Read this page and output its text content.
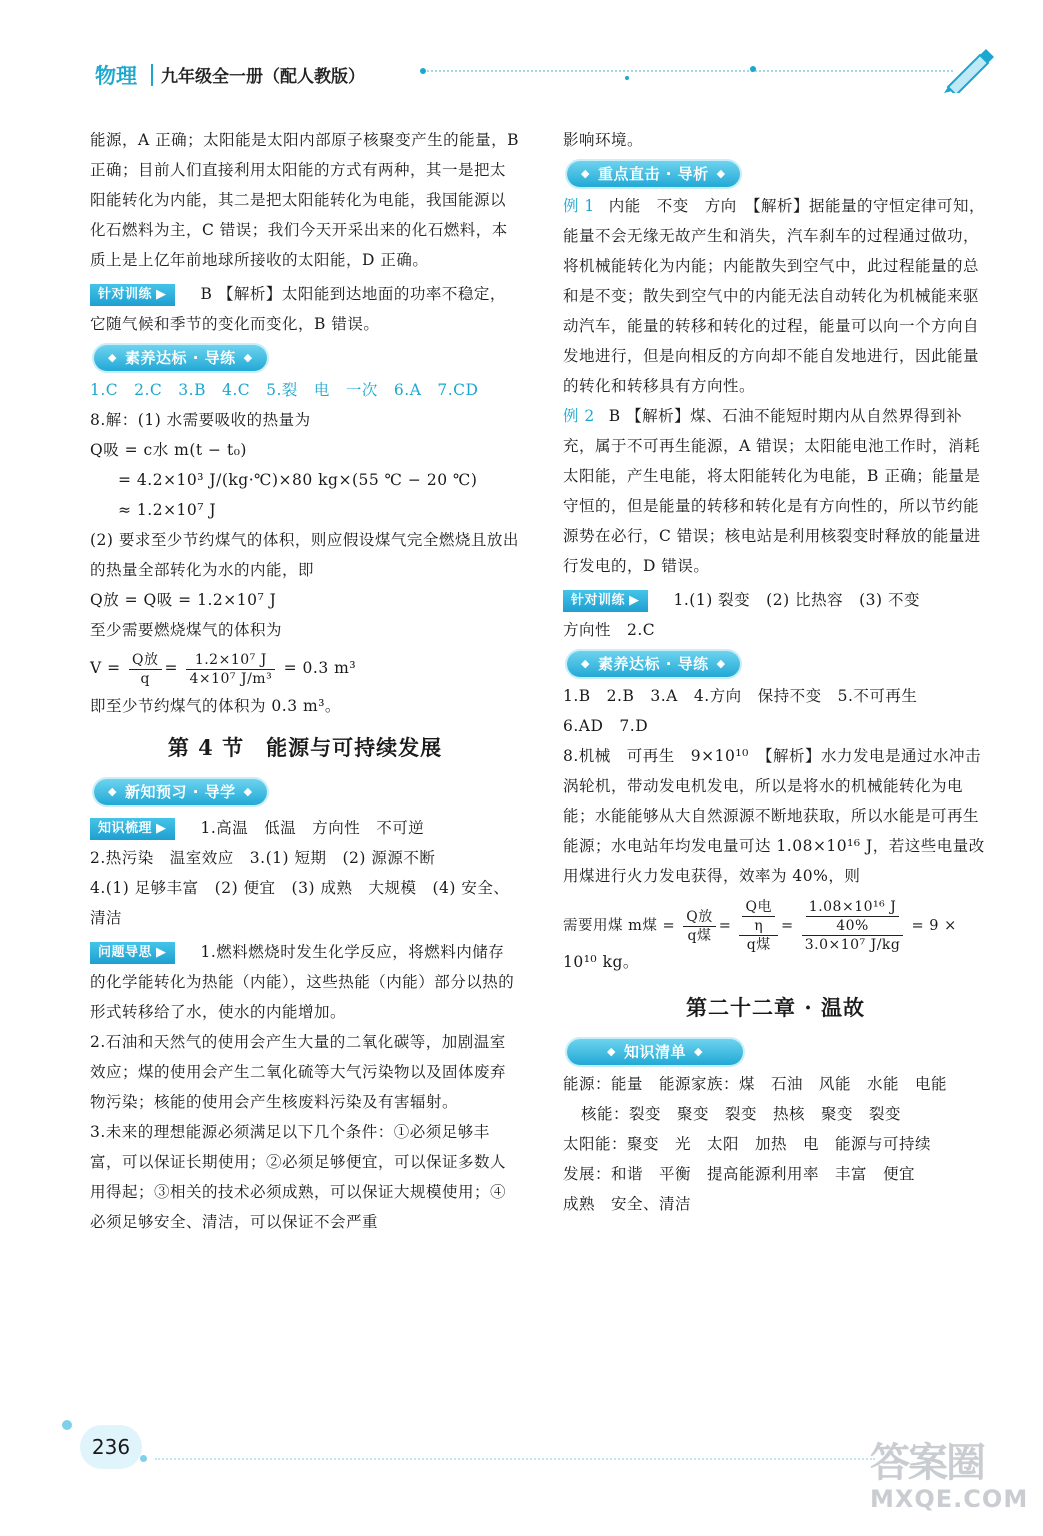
物理 九年级全一册（配人教版）

能源，A 正确；太阳能是太阳内部原子核聚变产生的能量，B 正确；目前人们直接利用太阳能的方式有两种，其一是把太阳能转化为内能，其二是把太阳能转化为电能，我国能源以化石燃料为主，C 错误；我们今天开采出来的化石燃料，本质上是上亿年前地球所接收的太阳能，D 正确。

针对训练 ▶ B 【解析】太阳能到达地面的功率不稳定，它随气候和季节的变化而变化，B 错误。

◆ 素养达标 · 导练 ◆

1.C　2.C　3.B　4.C　5.裂　电　一次　6.A　7.CD

8.解：(1) 水需要吸收的热量为

Q吸 = c水 m(t − t₀)

= 4.2×10³ J/(kg·℃)×80 kg×(55 ℃ − 20 ℃)

≈ 1.2×10⁷ J

(2) 要求至少节约煤气的体积，则应假设煤气完全燃烧且放出的热量全部转化为水的内能，即

Q放 = Q吸 = 1.2×10⁷ J

至少需要燃烧煤气的体积为

$V = \frac{\text{Q放}}{q} = \frac{\text{1.2×10⁷ J}}{\text{4×10⁷ J/m³}} = 0.3$ m³

即至少节约煤气的体积为 0.3 m³。

第 4 节　能源与可持续发展
◆ 新知预习 · 导学 ◆

知识梳理 ▶ 1.高温　低温　方向性　不可逆

2.热污染　温室效应　3.(1) 短期　(2) 源源不断

4.(1) 足够丰富　(2) 便宜　(3) 成熟　大规模　(4) 安全、清洁

问题导思 ▶ 1.燃料燃烧时发生化学反应，将燃料内储存的化学能转化为热能（内能），这些热能（内能）部分以热的形式转移给了水，使水的内能增加。

2.石油和天然气的使用会产生大量的二氧化碳等，加剧温室效应；煤的使用会产生二氧化硫等大气污染物以及固体废弃物污染；核能的使用会产生核废料污染及有害辐射。

3.未来的理想能源必须满足以下几个条件：①必须足够丰富，可以保证长期使用；②必须足够便宜，可以保证多数人用得起；③相关的技术必须成熟，可以保证大规模使用；④必须足够安全、清洁，可以保证不会严重

影响环境。

◆ 重点直击 · 导析 ◆

例 1 内能　不变　方向　【解析】据能量的守恒定律可知，能量不会无缘无故产生和消失，汽车刹车的过程通过做功，将机械能转化为内能；内能散失到空气中，此过程能量的总和是不变；散失到空气中的内能无法自动转化为机械能来驱动汽车，能量的转移和转化的过程，能量可以向一个方向自发地进行，但是向相反的方向却不能自发地进行，因此能量的转化和转移具有方向性。

例 2 B 【解析】煤、石油不能短时期内从自然界得到补充，属于不可再生能源，A 错误；太阳能电池工作时，消耗太阳能，产生电能，将太阳能转化为电能，B 正确；能量是守恒的，但是能量的转移和转化是有方向性的，所以节约能源势在必行，C 错误；核电站是利用核裂变时释放的能量进行发电的，D 错误。

针对训练 ▶ 1.(1) 裂变　(2) 比热容　(3) 不变

方向性　2.C

◆ 素养达标 · 导练 ◆

1.B　2.B　3.A　4.方向　保持不变　5.不可再生

6.AD　7.D

8.机械　可再生　9×10¹⁰　【解析】水力发电是通过水冲击涡轮机，带动发电机发电，所以是将水的机械能转化为电能；水能能够从大自然源源不断地获取，所以水能是可再生能源；水电站年均发电量可达 1.08×10¹⁶ J，若这些电量改用煤进行火力发电获得，效率为 40%，则

需要用煤 m煤 = $\frac{\text{Q放}}{\text{q煤}} = \frac{\frac{\text{Q电}}{\eta}}{\text{q煤}} = \frac{\frac{\text{1.08×10¹⁶ J}}{40\%}}{\text{3.0×10⁷ J/kg}} = 9$ ×

10¹⁰ kg。

第二十二章 · 温故
◆ 知识清单 ◆

能源：能量　能源家族：煤　石油　风能　水能　电能

核能：裂变　聚变　裂变　热核　聚变　裂变

太阳能：聚变　光　太阳　加热　电　能源与可持续

发展：和谐　平衡　提高能源利用率　丰富　便宜

成熟　安全、清洁

236	答案圈
MXQE.COM
